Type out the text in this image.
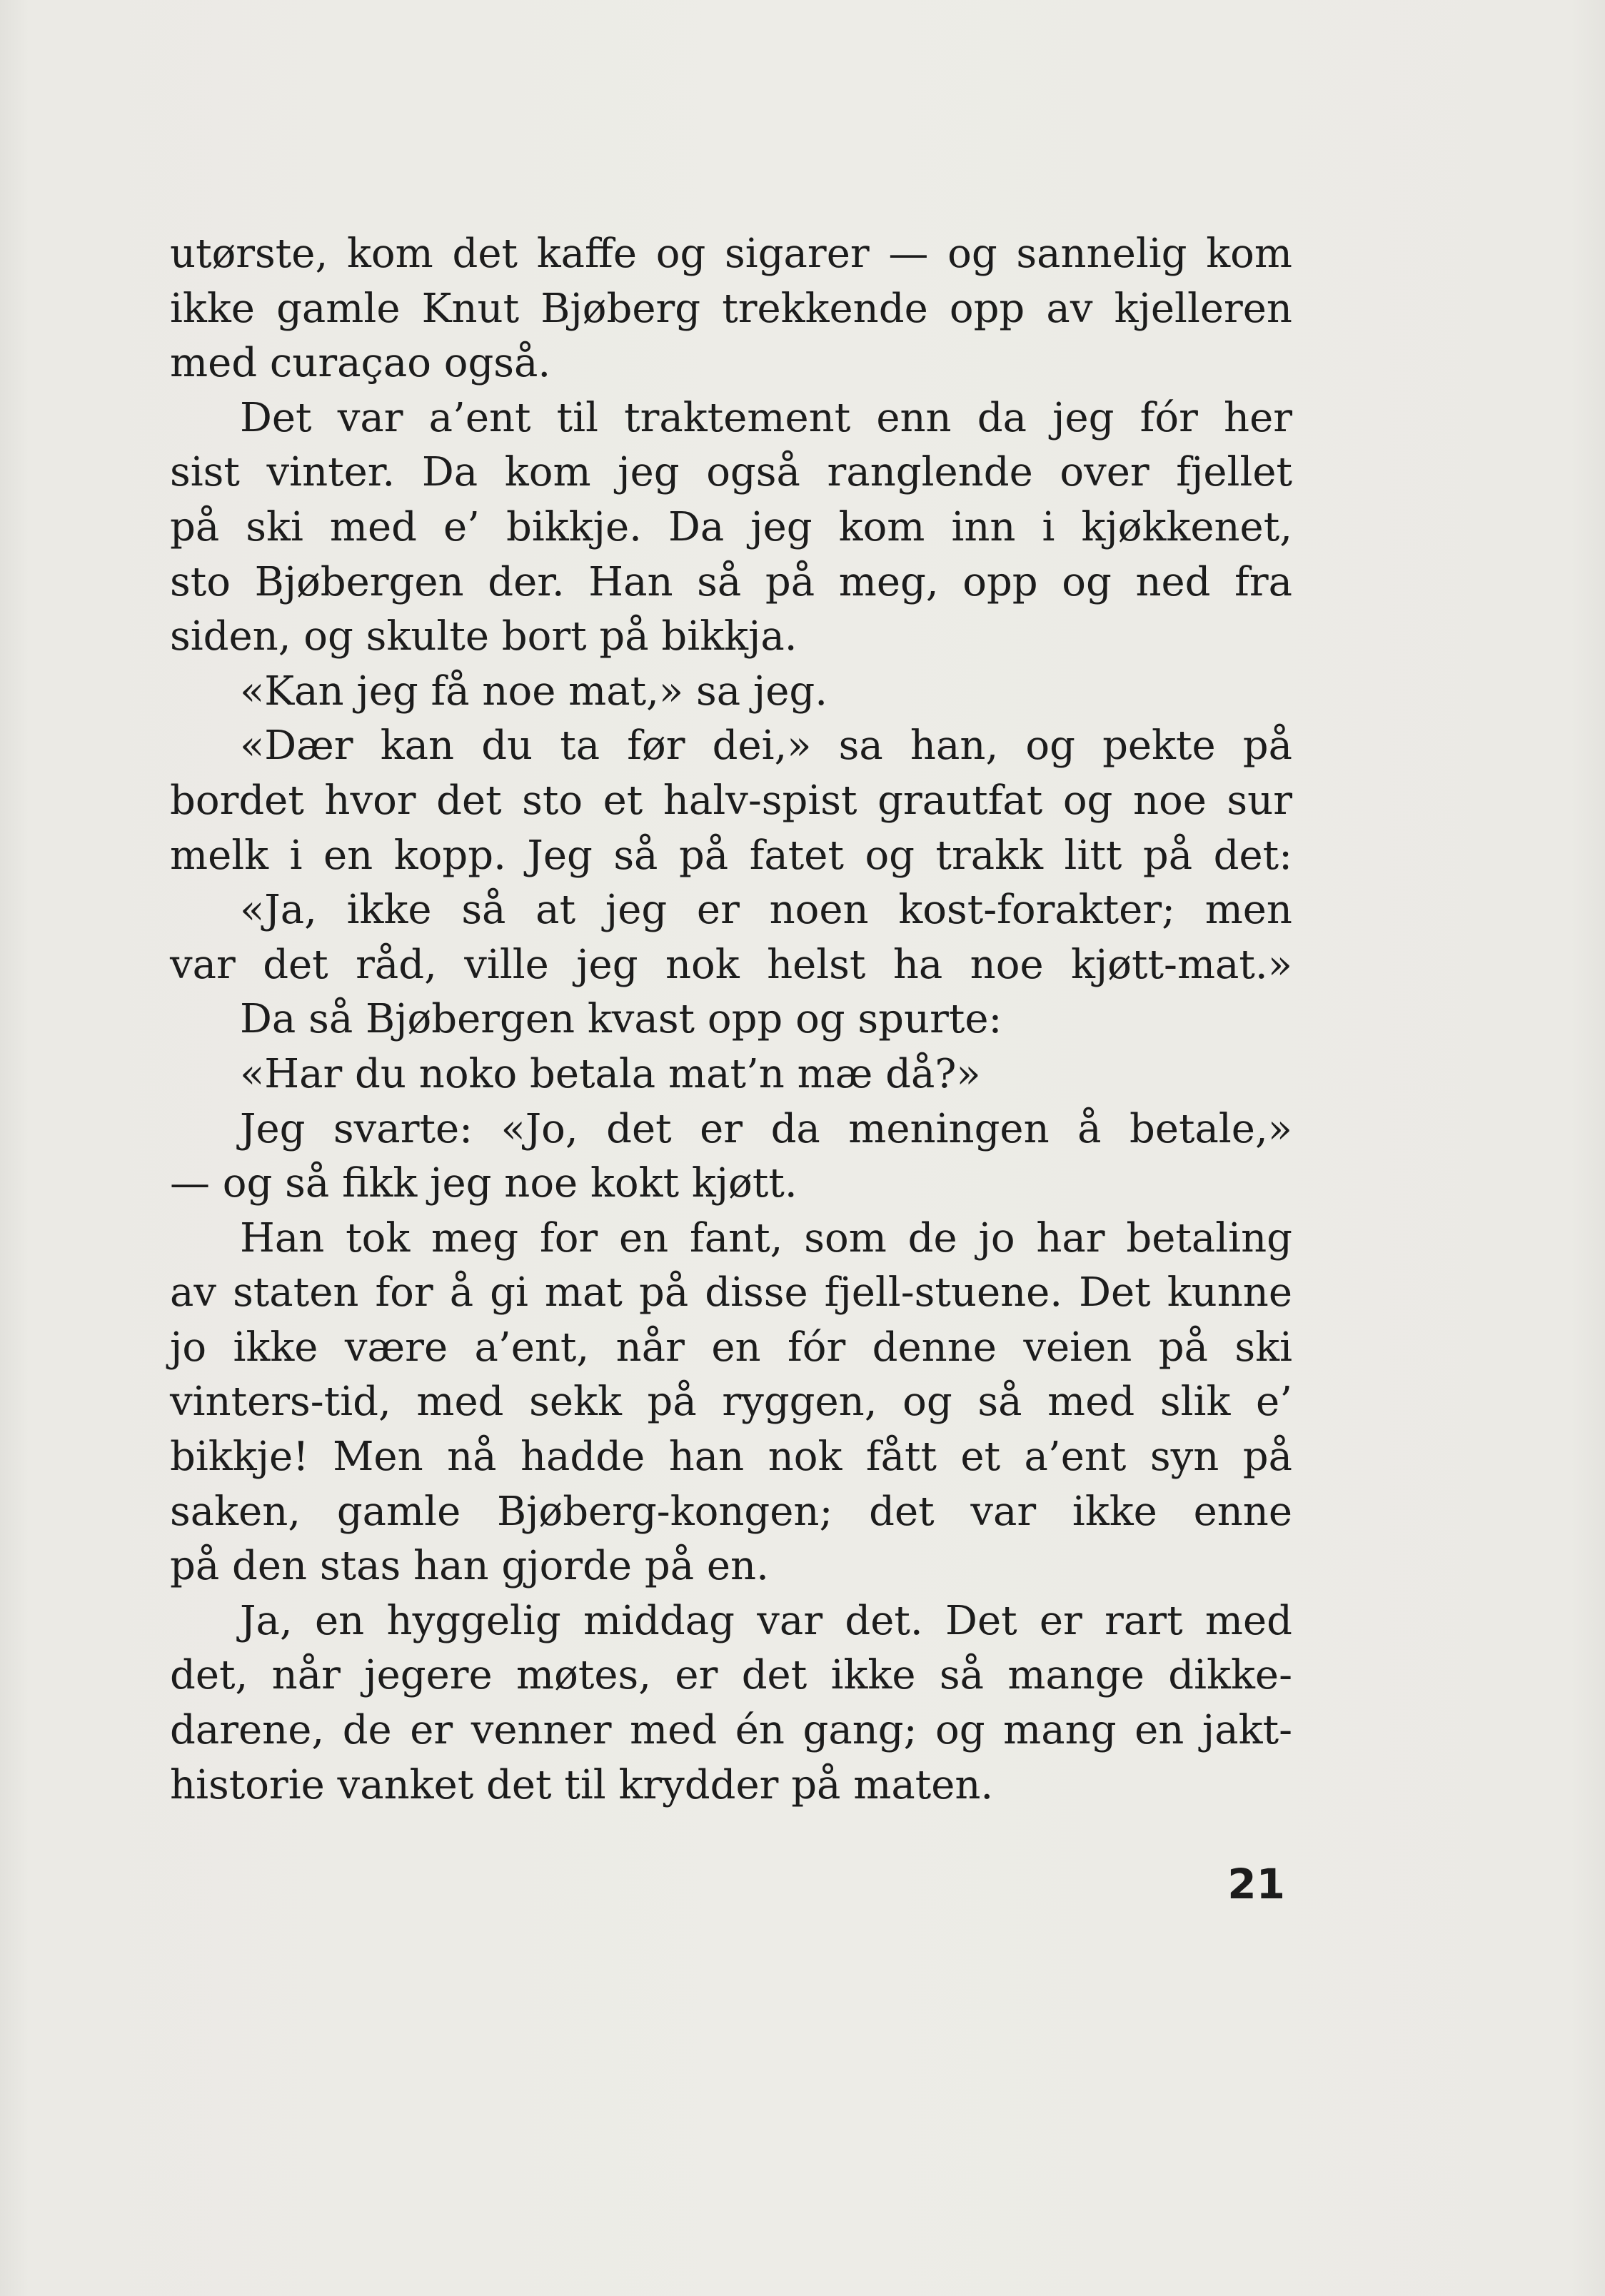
utørste, kom det kaffe og sigarer — og sannelig kom
ikke gamle Knut Bjøberg trekkende opp av kjelleren
med curaçao også.
Det var a’ent til traktement enn da jeg fór her
sist vinter. Da kom jeg også ranglende over fjellet
på ski med e’ bikkje. Da jeg kom inn i kjøkkenet,
sto Bjøbergen der. Han så på meg, opp og ned fra
siden, og skulte bort på bikkja.
«Kan jeg få noe mat,» sa jeg.
«Dær kan du ta før dei,» sa han, og pekte på
bordet hvor det sto et halv-spist grautfat og noe sur
melk i en kopp. Jeg så på fatet og trakk litt på det:
«Ja, ikke så at jeg er noen kost-forakter; men
var det råd, ville jeg nok helst ha noe kjøtt-mat.»
Da så Bjøbergen kvast opp og spurte:
«Har du noko betala mat’n mæ då?»
Jeg svarte: «Jo, det er da meningen å betale,»
— og så fikk jeg noe kokt kjøtt.
Han tok meg for en fant, som de jo har betaling
av staten for å gi mat på disse fjell-stuene. Det kunne
jo ikke være a’ent, når en fór denne veien på ski
vinters-tid, med sekk på ryggen, og så med slik e’
bikkje! Men nå hadde han nok fått et a’ent syn på
saken, gamle Bjøberg-kongen; det var ikke enne
på den stas han gjorde på en.
Ja, en hyggelig middag var det. Det er rart med
det, når jegere møtes, er det ikke så mange dikke-
darene, de er venner med én gang; og mang en jakt-
historie vanket det til krydder på maten.
21
